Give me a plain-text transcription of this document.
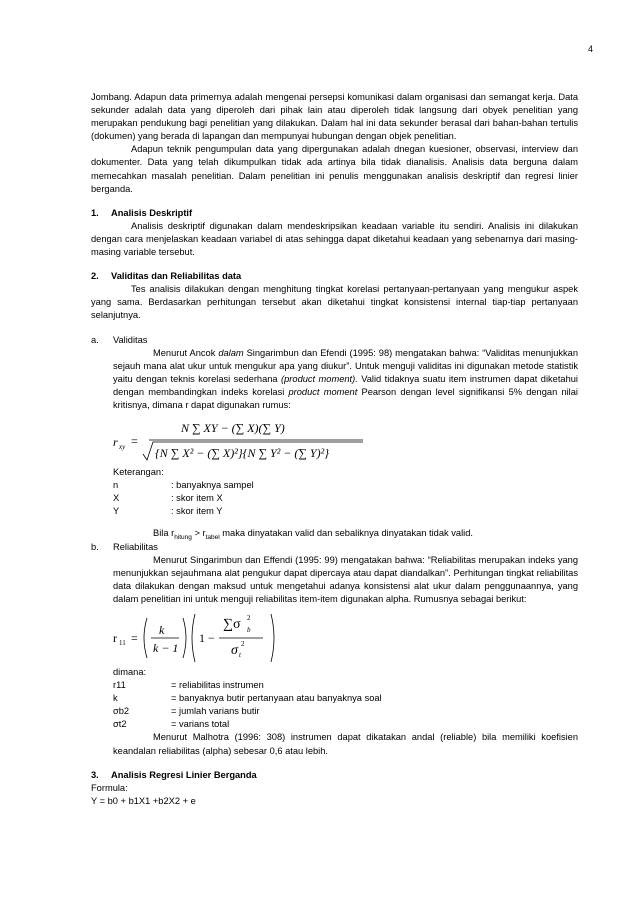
4

Jombang. Adapun data primernya adalah mengenai persepsi komunikasi dalam organisasi dan semangat kerja. Data sekunder adalah data yang diperoleh dari pihak lain atau diperoleh tidak langsung dari obyek penelitian yang merupakan pendukung bagi penelitian yang dilakukan. Dalam hal ini data sekunder berasal dari bahan-bahan tertulis (dokumen) yang berada di lapangan dan mempunyai hubungan dengan objek penelitian.

Adapun teknik pengumpulan data yang dipergunakan adalah dnegan kuesioner, observasi, interview dan dokumenter. Data yang telah dikumpulkan tidak ada artinya bila tidak dianalisis. Analisis data berguna dalam memecahkan masalah penelitian. Dalam penelitian ini penulis menggunakan analisis deskriptif dan regresi linier berganda.

1. Analisis Deskriptif

Analisis deskriptif digunakan dalam mendeskripsikan keadaan variable itu sendiri. Analisis ini dilakukan dengan cara menjelaskan keadaan variabel di atas sehingga dapat diketahui keadaan yang sebenarnya dari masing-masing variable tersebut.

2. Validitas dan Reliabilitas data

Tes analisis dilakukan dengan menghitung tingkat korelasi pertanyaan-pertanyaan yang mengukur aspek yang sama. Berdasarkan perhitungan tersebut akan diketahui tingkat konsistensi internal tiap-tiap pertanyaan selanjutnya.

a. Validitas

Menurut Ancok dalam Singarimbun dan Efendi (1995: 98) mengatakan bahwa: “Validitas menunjukkan sejauh mana alat ukur untuk mengukur apa yang diukur”. Untuk menguji validitas ini digunakan metode statistik yaitu dengan teknis korelasi sederhana (product moment). Valid tidaknya suatu item instrumen dapat diketahui dengan membandingkan indeks korelasi product moment Pearson dengan level signifikansi 5% dengan nilai kritisnya, dimana r dapat digunakan rumus:

r xy =
N ∑ XY − (∑ X)(∑ Y)
{N ∑ X² − (∑ X)²}{N ∑ Y² − (∑ Y)²}

Keterangan:

n	: banyaknya sampel
X	: skor item X
Y	: skor item Y

Bila $r_{hitung} > r_{tabel}$ maka dinyatakan valid dan sebaliknya dinyatakan tidak valid.

b. Reliabilitas

Menurut Singarimbun dan Effendi (1995: 99) mengatakan bahwa: “Reliabilitas merupakan indeks yang menunjukkan sejauhmana alat pengukur dapat dipercaya atau dapat diandalkan”. Perhitungan tingkat reliabilitas data dilakukan dengan maksud untuk mengetahui adanya konsistensi alat ukur dalam penggunaannya, yang dalam penelitian ini untuk menguji reliabilitas item-item digunakan alpha. Rumusnya sebagai berikut:

r 11 =
k
k − 1
1 −
∑σ b
2
σ t
2

dimana:

r11	= reliabilitas instrumen
k	= banyaknya butir pertanyaan atau banyaknya soal
σb2	= jumlah varians butir
σt2	= varians total

Menurut Malhotra (1996: 308) instrumen dapat dikatakan andal (reliable) bila memiliki koefisien keandalan reliabilitas (alpha) sebesar 0,6 atau lebih.

3. Analisis Regresi Linier Berganda

Formula:

Y = b0 + b1X1 +b2X2 + e
